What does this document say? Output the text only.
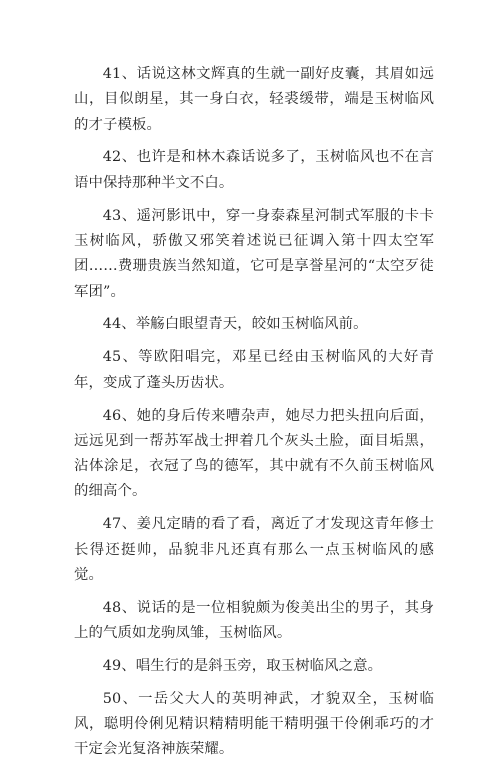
41、话说这林文辉真的生就一副好皮囊，其眉如远山，目似朗星，其一身白衣，轻裘缓带，端是玉树临风的才子模板。

42、也许是和林木森话说多了，玉树临风也不在言语中保持那种半文不白。

43、遥河影讯中，穿一身泰森星河制式军服的卡卡玉树临风，骄傲又邪笑着述说已征调入第十四太空军团……费珊贵族当然知道，它可是享誉星河的“太空歹徒军团”。

44、举觞白眼望青天，皎如玉树临风前。

45、等欧阳唱完，邓星已经由玉树临风的大好青年，变成了蓬头历齿状。

46、她的身后传来嘈杂声，她尽力把头扭向后面，远远见到一帮苏军战士押着几个灰头土脸，面目垢黑，沾体涂足，衣冠了鸟的德军，其中就有不久前玉树临风的细高个。

47、姜凡定睛的看了看，离近了才发现这青年修士长得还挺帅，品貌非凡还真有那么一点玉树临风的感觉。

48、说话的是一位相貌颇为俊美出尘的男子，其身上的气质如龙驹凤雏，玉树临风。

49、唱生行的是斜玉旁，取玉树临风之意。

50、一岳父大人的英明神武，才貌双全，玉树临风，聪明伶俐见精识精精明能干精明强干伶俐乖巧的才干定会光复洛神族荣耀。
